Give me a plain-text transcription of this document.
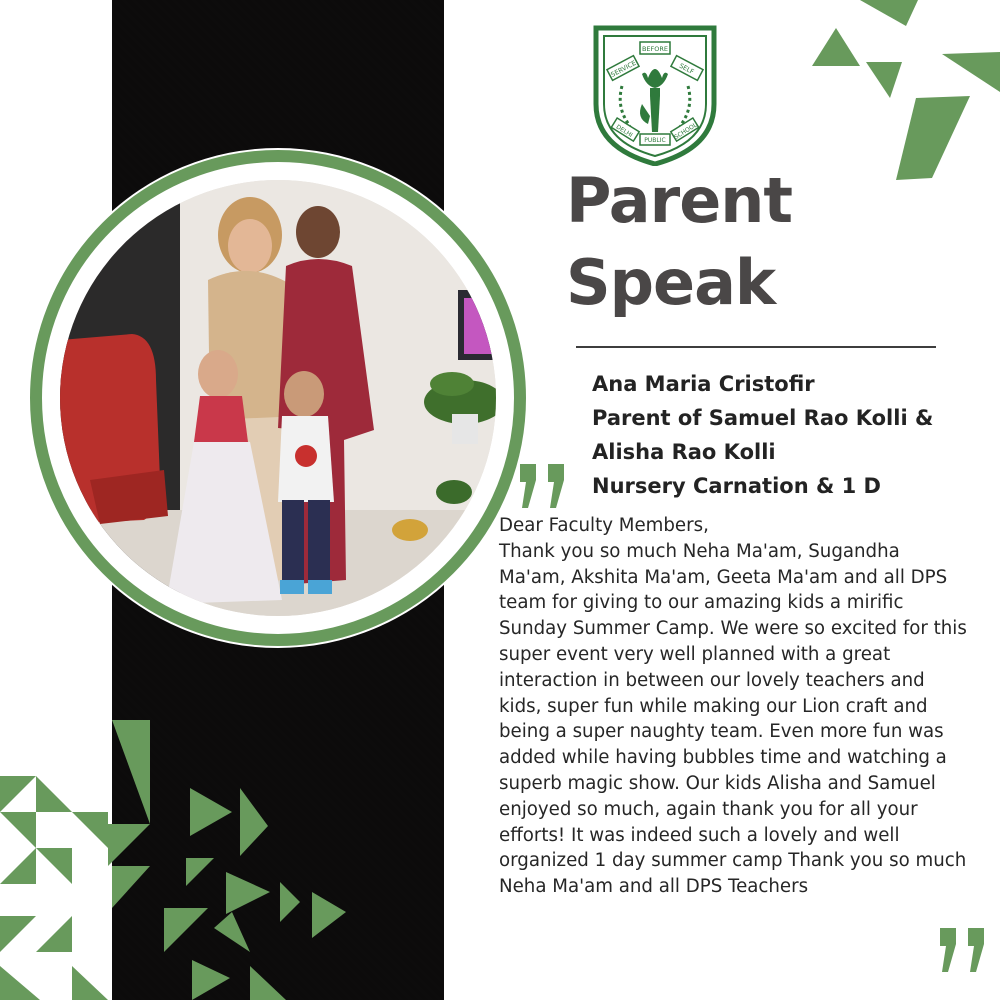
SERVICE
BEFORE
SELF
DELHI
PUBLIC SCHOOL
Parent
Speak
Ana Maria Cristofir
Parent of Samuel Rao Kolli &
Alisha Rao Kolli
Nursery Carnation & 1 D

Dear Faculty Members,

Thank you so much Neha Ma'am, Sugandha Ma'am, Akshita Ma'am, Geeta Ma'am and all DPS team for giving to our amazing kids a mirific Sunday Summer Camp. We were so excited for this super event very well planned with a great interaction in between our lovely teachers and kids, super fun while making our Lion craft and being a super naughty team. Even more fun was added while having bubbles time and watching a superb magic show. Our kids Alisha and Samuel enjoyed so much, again thank you for all your efforts! It was indeed such a lovely and well organized 1 day summer camp Thank you so much Neha Ma'am and all DPS Teachers
